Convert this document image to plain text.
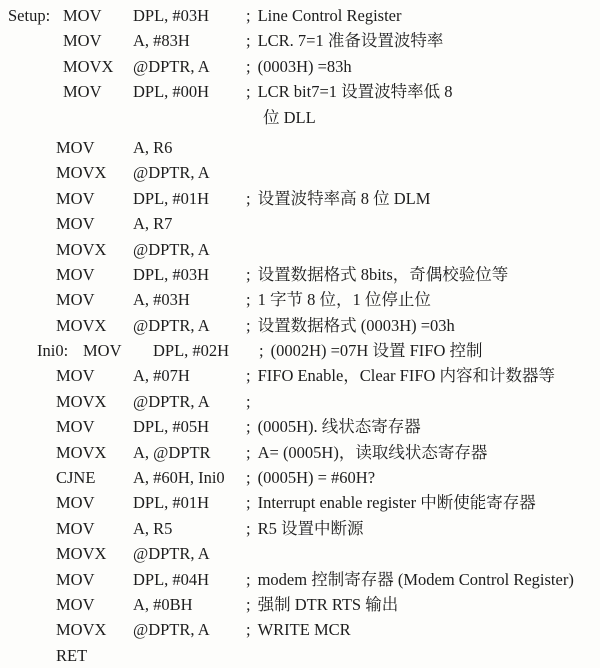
Setup: MOV	DPL, #03H	; Line Control Register
MOV	A, #83H	; LCR. 7=1 准备设置波特率
MOVX	@DPTR, A	; (0003H) =83h
MOV	DPL, #00H	; LCR bit7=1 设置波特率低 8
位 DLL
MOV	A, R6
MOVX	@DPTR, A
MOV	DPL, #01H	; 设置波特率高 8 位 DLM
MOV	A, R7
MOVX	@DPTR, A
MOV	DPL, #03H	; 设置数据格式 8bits，奇偶校验位等
MOV	A, #03H	; 1 字节 8 位，1 位停止位
MOVX	@DPTR, A	; 设置数据格式 (0003H) =03h
Ini0: MOV	DPL, #02H	; (0002H) =07H 设置 FIFO 控制
MOV	A, #07H	; FIFO Enable，Clear FIFO 内容和计数器等
MOVX	@DPTR, A	;
MOV	DPL, #05H	; (0005H). 线状态寄存器
MOVX	A, @DPTR	; A= (0005H)，读取线状态寄存器
CJNE	A, #60H, Ini0	; (0005H) = #60H?
MOV	DPL, #01H	; Interrupt enable register 中断使能寄存器
MOV	A, R5	; R5 设置中断源
MOVX	@DPTR, A
MOV	DPL, #04H	; modem 控制寄存器 (Modem Control Register)
MOV	A, #0BH	; 强制 DTR RTS 输出
MOVX	@DPTR, A	; WRITE MCR
RET
